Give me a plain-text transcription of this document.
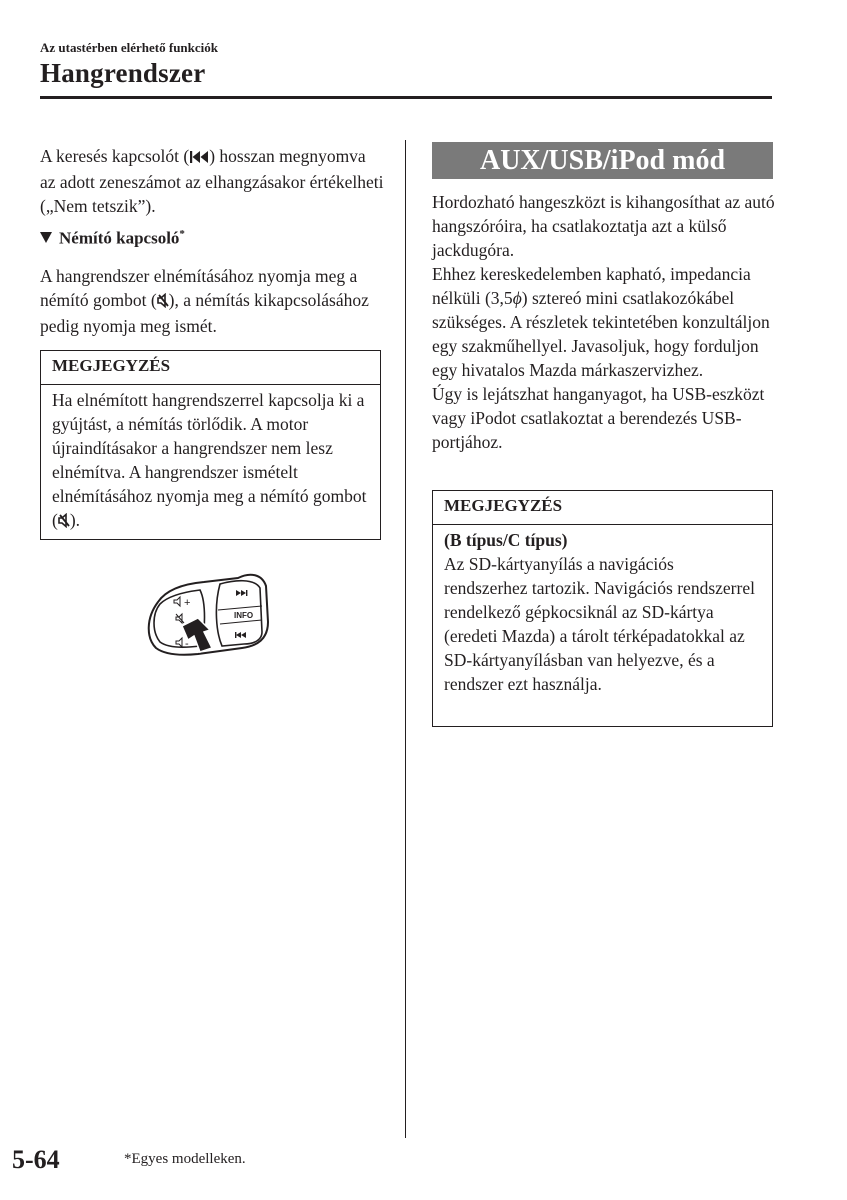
Az utastérben elérhető funkciók
Hangrendszer

A keresés kapcsolót ( ) hosszan megnyomva az adott zeneszámot az elhangzásakor értékelheti („Nem tetszik”).

Némító kapcsoló*

A hangrendszer elnémításához nyomja meg a némító gombot ( ), a némítás kikapcsolásához pedig nyomja meg ismét.

MEGJEGYZÉS
Ha elnémított hangrendszerrel kapcsolja ki a gyújtást, a némítás törlődik. A motor újraindításakor a hangrendszer nem lesz elnémítva. A hangrendszer ismételt elnémításához nyomja meg a némító gombot ( ).
INFO
+
-
AUX/USB/iPod mód

Hordozható hangeszközt is kihangosíthat az autó hangszóróira, ha csatlakoztatja azt a külső jackdugóra.

Ehhez kereskedelemben kapható, impedancia nélküli (3,5ϕ) sztereó mini csatlakozókábel szükséges. A részletek tekintetében konzultáljon egy szakműhellyel. Javasoljuk, hogy forduljon egy hivatalos Mazda márkaszervizhez.

Úgy is lejátszhat hanganyagot, ha USB-eszközt vagy iPodot csatlakoztat a berendezés USB-portjához.

MEGJEGYZÉS
(B típus/C típus)
Az SD-kártyanyílás a navigációs rendszerhez tartozik. Navigációs rendszerrel rendelkező gépkocsiknál az SD-kártya (eredeti Mazda) a tárolt térképadatokkal az SD-kártyanyílásban van helyezve, és a rendszer ezt használja.
5-64	*Egyes modelleken.
